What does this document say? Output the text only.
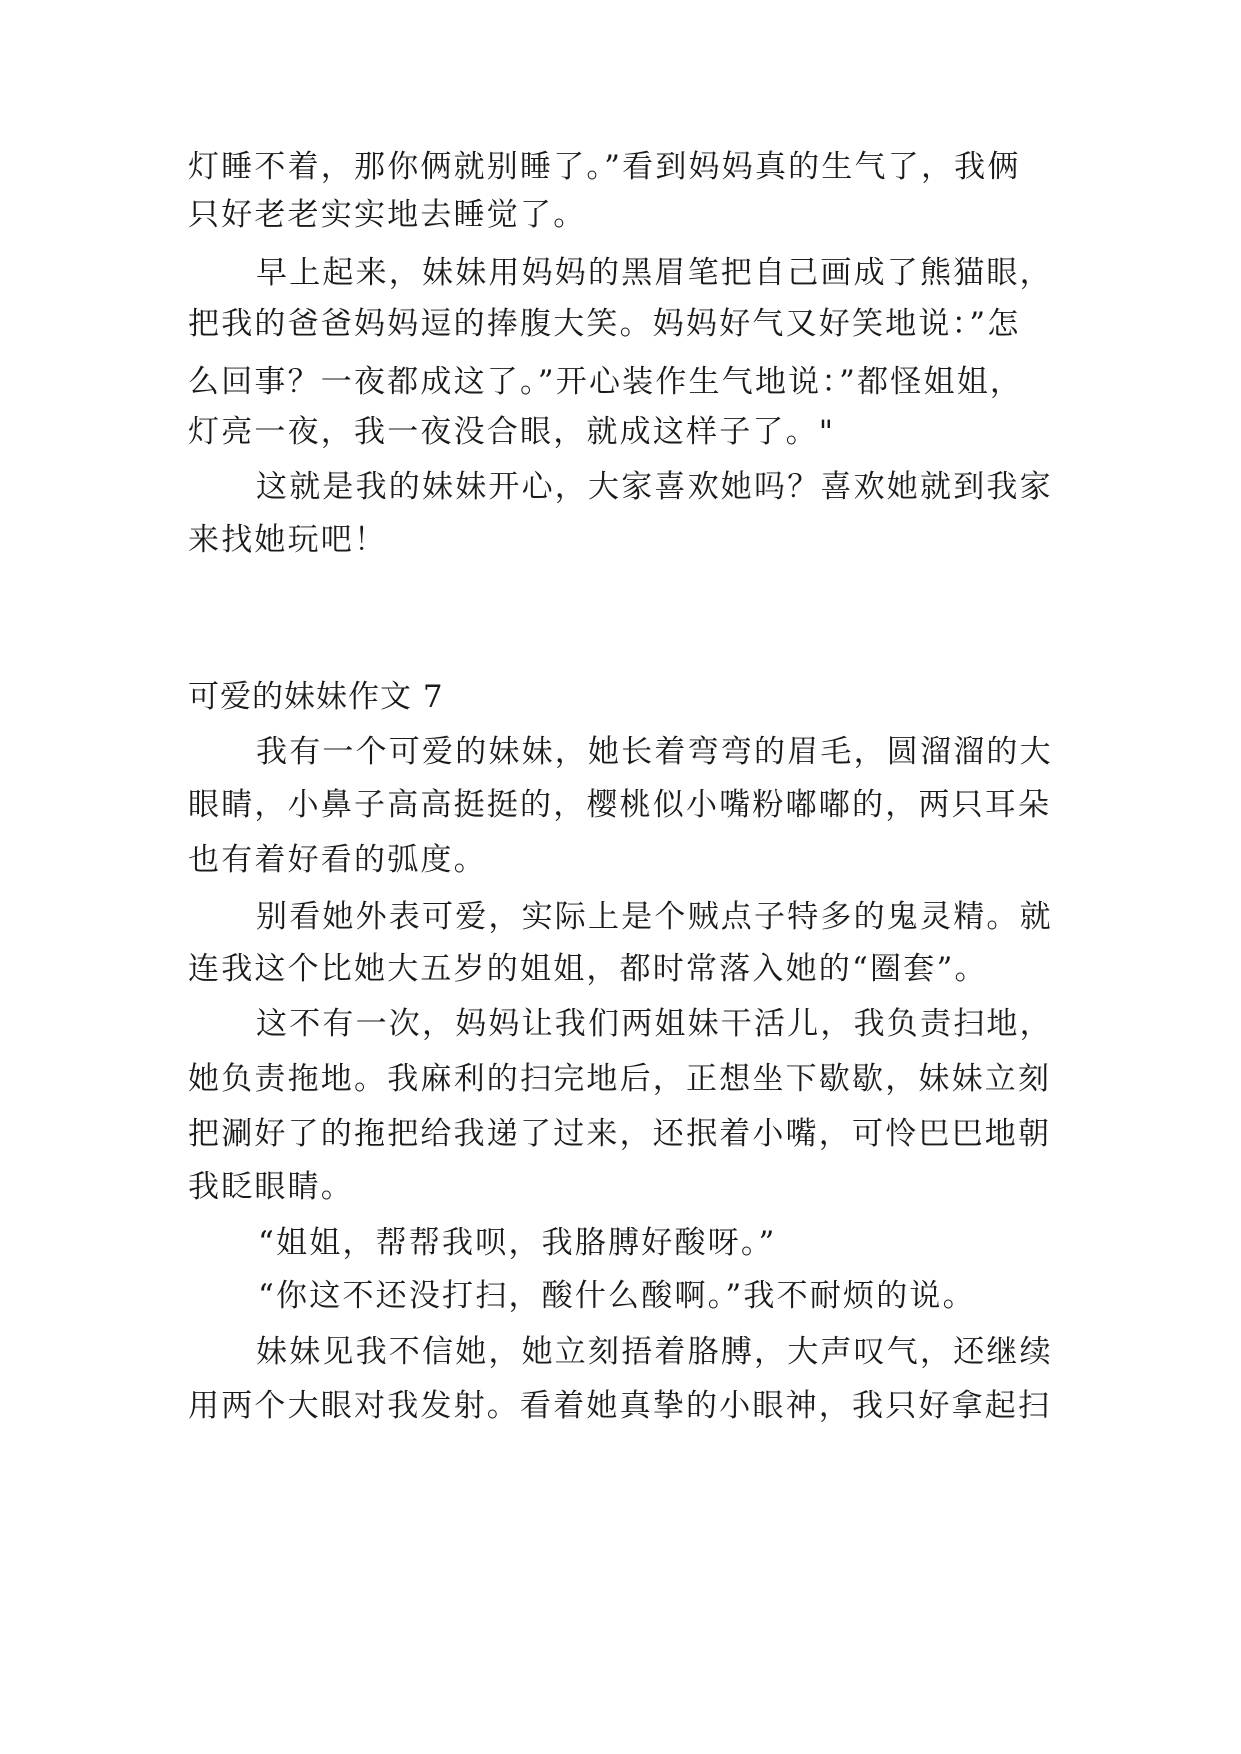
灯睡不着，那你俩就别睡了。”看到妈妈真的生气了，我俩
只好老老实实地去睡觉了。
早上起来，妹妹用妈妈的黑眉笔把自己画成了熊猫眼，
把我的爸爸妈妈逗的捧腹大笑。妈妈好气又好笑地说：”怎
么回事？一夜都成这了。”开心装作生气地说：”都怪姐姐，
灯亮一夜，我一夜没合眼，就成这样子了。"
这就是我的妹妹开心，大家喜欢她吗？喜欢她就到我家
来找她玩吧！
可爱的妹妹作文 7
我有一个可爱的妹妹，她长着弯弯的眉毛，圆溜溜的大
眼睛，小鼻子高高挺挺的，樱桃似小嘴粉嘟嘟的，两只耳朵
也有着好看的弧度。
别看她外表可爱，实际上是个贼点子特多的鬼灵精。就
连我这个比她大五岁的姐姐，都时常落入她的“圈套”。
这不有一次，妈妈让我们两姐妹干活儿，我负责扫地，
她负责拖地。我麻利的扫完地后，正想坐下歇歇，妹妹立刻
把涮好了的拖把给我递了过来，还抿着小嘴，可怜巴巴地朝
我眨眼睛。
“姐姐，帮帮我呗，我胳膊好酸呀。”
“你这不还没打扫，酸什么酸啊。”我不耐烦的说。
妹妹见我不信她，她立刻捂着胳膊，大声叹气，还继续
用两个大眼对我发射。看着她真挚的小眼神，我只好拿起扫
